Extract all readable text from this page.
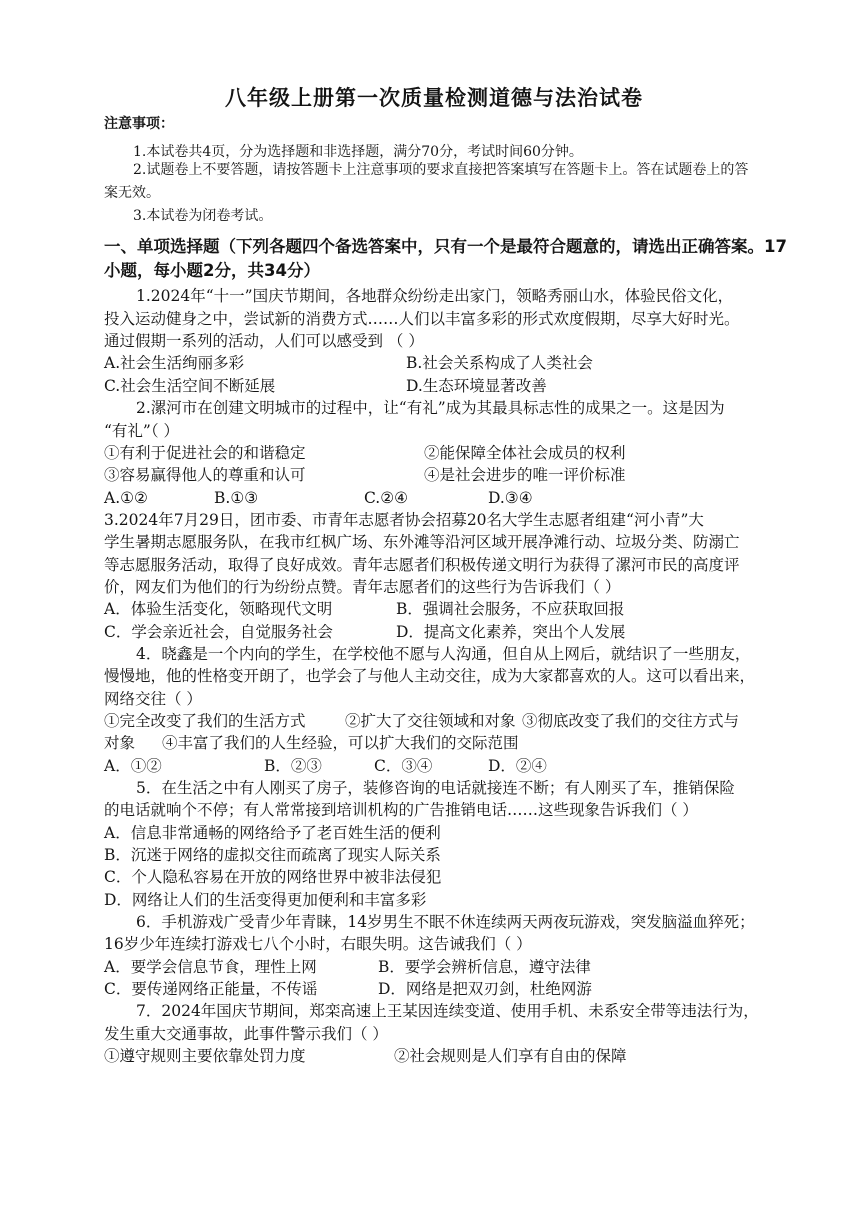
八年级上册第一次质量检测道德与法治试卷
注意事项：
1.本试卷共4页，分为选择题和非选择题，满分70分，考试时间60分钟。
2.试题卷上不要答题，请按答题卡上注意事项的要求直接把答案填写在答题卡上。答在试题卷上的答
案无效。
3.本试卷为闭卷考试。
一、单项选择题（下列各题四个备选答案中，只有一个是最符合题意的，请选出正确答案。17
小题，每小题2分，共34分）
1.2024年“十一”国庆节期间，各地群众纷纷走出家门，领略秀丽山水，体验民俗文化，
投入运动健身之中，尝试新的消费方式……人们以丰富多彩的形式欢度假期，尽享大好时光。
通过假期一系列的活动，人们可以感受到 （ ）
A.社会生活绚丽多彩	B.社会关系构成了人类社会
C.社会生活空间不断延展	D.生态环境显著改善
2.漯河市在创建文明城市的过程中，让“有礼”成为其最具标志性的成果之一。这是因为
“有礼”（ ）
①有利于促进社会的和谐稳定	②能保障全体社会成员的权利
③容易赢得他人的尊重和认可	④是社会进步的唯一评价标准
A.①②	B.①③	C.②④	D.③④
3.2024年7月29日，团市委、市青年志愿者协会招募20名大学生志愿者组建“河小青”大
学生暑期志愿服务队，在我市红枫广场、东外滩等沿河区域开展净滩行动、垃圾分类、防溺亡
等志愿服务活动，取得了良好成效。青年志愿者们积极传递文明行为获得了漯河市民的高度评
价，网友们为他们的行为纷纷点赞。青年志愿者们的这些行为告诉我们（ ）
A．体验生活变化，领略现代文明	B．强调社会服务，不应获取回报
C．学会亲近社会，自觉服务社会	D．提高文化素养，突出个人发展
4．晓鑫是一个内向的学生，在学校他不愿与人沟通，但自从上网后，就结识了一些朋友，
慢慢地，他的性格变开朗了，也学会了与他人主动交往，成为大家都喜欢的人。这可以看出来，
网络交往（ ）
①完全改变了我们的生活方式	②扩大了交往领域和对象 ③彻底改变了我们的交往方式与
对象 ④丰富了我们的人生经验，可以扩大我们的交际范围
A．①②	B．②③	C．③④	D．②④
5．在生活之中有人刚买了房子，装修咨询的电话就接连不断；有人刚买了车，推销保险
的电话就响个不停；有人常常接到培训机构的广告推销电话……这些现象告诉我们（ ）
A．信息非常通畅的网络给予了老百姓生活的便利
B．沉迷于网络的虚拟交往而疏离了现实人际关系
C．个人隐私容易在开放的网络世界中被非法侵犯
D．网络让人们的生活变得更加便利和丰富多彩
6．手机游戏广受青少年青睐，14岁男生不眠不休连续两天两夜玩游戏，突发脑溢血猝死；
16岁少年连续打游戏七八个小时，右眼失明。这告诫我们（ ）
A．要学会信息节食，理性上网	B．要学会辨析信息，遵守法律
C．要传递网络正能量，不传谣	D．网络是把双刃剑，杜绝网游
7．2024年国庆节期间，郑栾高速上王某因连续变道、使用手机、未系安全带等违法行为，
发生重大交通事故，此事件警示我们（ ）
①遵守规则主要依靠处罚力度	②社会规则是人们享有自由的保障
